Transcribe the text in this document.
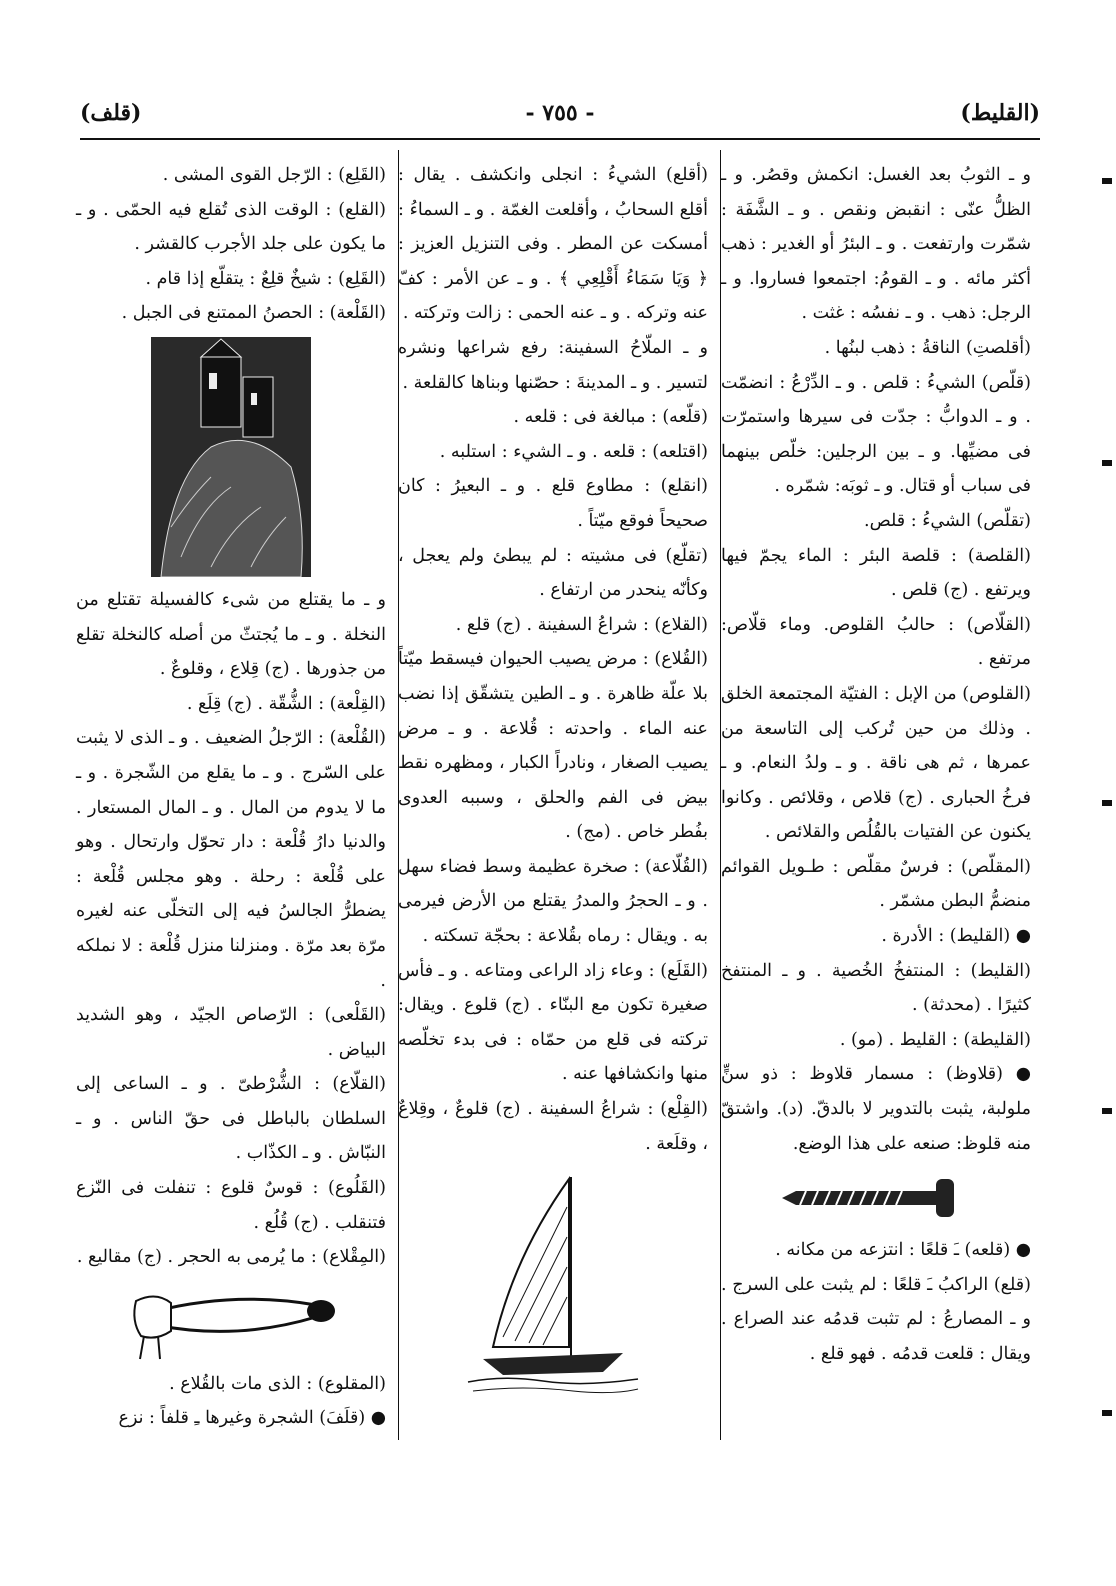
(قلف)	- ٧٥٥ -	(القليط)

و ـ الثوبُ بعد الغسل: انكمش وقصُر. و ـ الظلُّ عنّى : انقبض ونقص . و ـ الشَّفَة : شمّرت وارتفعت . و ـ البئرُ أو الغدير : ذهب أكثر مائه . و ـ القومُ: اجتمعوا فساروا. و ـ الرجل: ذهب . و ـ نفسُه : غثت .

(أقلصتِ) الناقةُ : ذهب لبنُها .

(قلّص) الشيءُ : قلص . و ـ الدِّرْعُ : انضمّت . و ـ الدوابُّ : جدّت فى سيرها واستمرّت فى مضيِّها. و ـ بين الرجلين: خلّص بينهما فى سباب أو قتال. و ـ ثوبَه: شمّره .

(تقلّص) الشيءُ : قلص.

(القلصة) : قلصة البئر : الماء يجمّ فيها ويرتفع . (ج) قلص .

(القلّاص) : حالبُ القلوص. وماء قلّاص: مرتفع .

(القلوص) من الإبل : الفتيّة المجتمعة الخلق . وذلك من حين تُركب إلى التاسعة من عمرها ، ثم هى ناقة . و ـ ولدُ النعام. و ـ فرخُ الحبارى . (ج) قلاص ، وقلائص . وكانوا يكنون عن الفتيات بالقُلُص والقلائص .

(المقلّص) : فرسٌ مقلّص : طـويل القوائم منضمُّ البطن مشمّر .

● (القليط) : الأدرة .

(القليط) : المنتفخُ الخُصية . و ـ المنتفخ كثيرًا . (محدثة) .

(القليطة) : القليط . (مو) .

● (قلاوظ) : مسمار قلاوظ : ذو سنٍّ ملولبة، يثبت بالتدوير لا بالدقّ. (د). واشتقّ منه قلوظ: صنعه على هذا الوضع.

● (قلعه) ـَ قلعًا : انتزعه من مكانه .

(قلع) الراكبُ ـَ قلعًا : لم يثبت على السرج . و ـ المصارعُ : لم تثبت قدمُه عند الصراع . ويقال : قلعت قدمُه . فهو قلع .

(أقلع) الشيءُ : انجلى وانكشف . يقال : أقلع السحابُ ، وأقلعت الغمّة . و ـ السماءُ : أمسكت عن المطر . وفى التنزيل العزيز : ﴿ وَيَا سَمَاءُ أَقْلِعِي ﴾ . و ـ عن الأمر : كفّ عنه وتركه . و ـ عنه الحمى : زالت وتركته .

و ـ الملّاحُ السفينة: رفع شراعها ونشره لتسير . و ـ المدينةَ : حصّنها وبناها كالقلعة .

(قلّعه) : مبالغة فى : قلعه .

(اقتلعه) : قلعه . و ـ الشيء : استلبه .

(انقلع) : مطاوع قلع . و ـ البعيرُ : كان صحيحاً فوقع ميّتاً .

(تقلّع) فى مشيته : لم يبطئ ولم يعجل ، وكأنّه ينحدر من ارتفاع .

(القلاع) : شراعُ السفينة . (ج) قلع .

(القُلاع) : مرض يصيب الحيوان فيسقط ميّتاً بلا علّة ظاهرة . و ـ الطين يتشقّق إذا نضب عنه الماء . واحدته : قُلاعة . و ـ مرض يصيب الصغار ، ونادراً الكبار ، ومظهره نقط بيض فى الفم والحلق ، وسببه العدوى بفُطر خاص . (مج) .

(القُلّاعة) : صخرة عظيمة وسط فضاء سهل . و ـ الحجرُ والمدرُ يقتلع من الأرض فيرمى به . ويقال : رماه بقُلاعة : بحجّة تسكته .

(القَلَع) : وعاء زاد الراعى ومتاعه . و ـ فأس صغيرة تكون مع البنّاء . (ج) قلوع . ويقال: تركته فى قلع من حمّاه : فى بدء تخلّصه منها وانكشافها عنه .

(القِلْع) : شراعُ السفينة . (ج) قلوعٌ ، وقِلاعٌ ، وقلَعة .

(القَلِع) : الرّجل القوى المشى .

(القلع) : الوقت الذى تُقلع فيه الحمّى . و ـ ما يكون على جلد الأجرب كالقشر .

(القَلِع) : شيخٌ قلِعٌ : يتقلّع إذا قام .

(القَلْعة) : الحصنُ الممتنع فى الجبل .

و ـ ما يقتلع من شىء كالفسيلة تقتلع من النخلة . و ـ ما يُجتثّ من أصله كالنخلة تقلع من جذورها . (ج) قِلاع ، وقلوعٌ .

(القِلْعة) : الشُّقّة . (ج) قِلَع .

(القُلْعة) : الرّجلُ الضعيف . و ـ الذى لا يثبت على السّرج . و ـ ما يقلع من الشّجرة . و ـ ما لا يدوم من المال . و ـ المال المستعار . والدنيا دارُ قُلْعة : دار تحوّل وارتحال . وهو على قُلْعة : رحلة . وهو مجلس قُلْعة : يضطرُّ الجالسُ فيه إلى التخلّى عنه لغيره مرّة بعد مرّة . ومنزلنا منزل قُلْعة : لا نملكه .

(القَلْعى) : الرّصاص الجيّد ، وهو الشديد البياض .

(القلّاع) : الشُّرْطىّ . و ـ الساعى إلى السلطان بالباطل فى حقّ الناس . و ـ النبّاش . و ـ الكذّاب .

(القَلُوع) : قوسٌ قلوع : تنفلت فى النّزع فتنقلب . (ج) قُلُع .

(المِقْلاع) : ما يُرمى به الحجر . (ج) مقاليع .

(المقلوع) : الذى مات بالقُلاع .

● (قلَفَ) الشجرة وغيرها ـِ قلفاً : نزع
